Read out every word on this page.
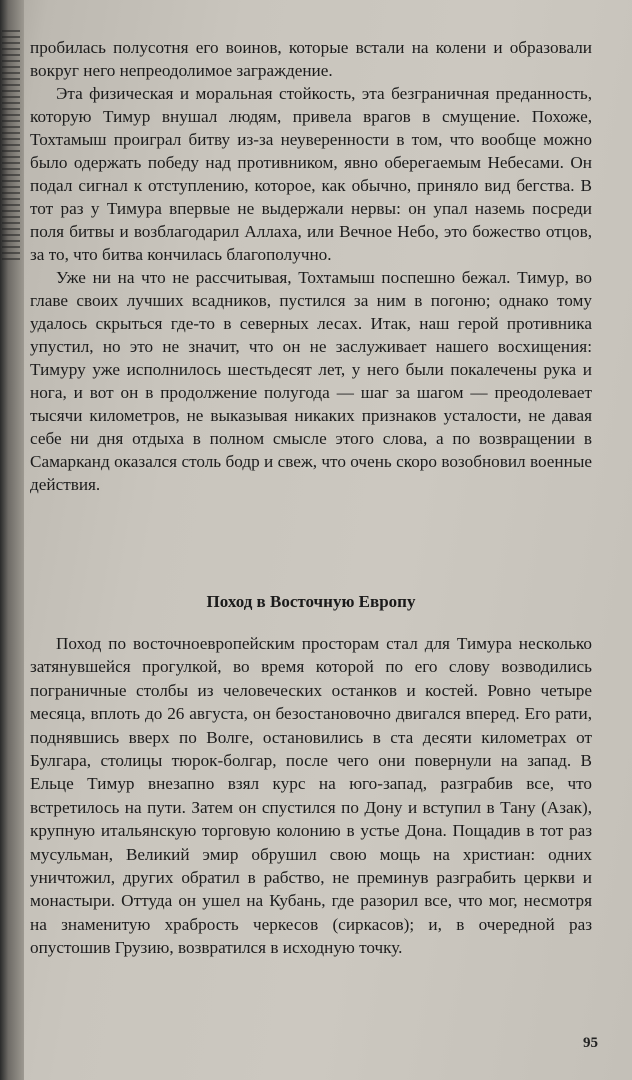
пробилась полусотня его воинов, которые встали на колени и образовали вокруг него непреодолимое заграждение.

Эта физическая и моральная стойкость, эта безграничная преданность, которую Тимур внушал людям, привела врагов в смущение. Похоже, Тохтамыш проиграл битву из-за неуверенности в том, что вообще можно было одержать победу над противником, явно оберегаемым Небесами. Он подал сигнал к отступлению, которое, как обычно, приняло вид бегства. В тот раз у Тимура впервые не выдержали нервы: он упал наземь посреди поля битвы и возблагодарил Аллаха, или Вечное Небо, это божество отцов, за то, что битва кончилась благополучно.

Уже ни на что не рассчитывая, Тохтамыш поспешно бежал. Тимур, во главе своих лучших всадников, пустился за ним в погоню; однако тому удалось скрыться где-то в северных лесах. Итак, наш герой противника упустил, но это не значит, что он не заслуживает нашего восхищения: Тимуру уже исполнилось шестьдесят лет, у него были покалечены рука и нога, и вот он в продолжение полугода — шаг за шагом — преодолевает тысячи километров, не выказывая никаких признаков усталости, не давая себе ни дня отдыха в полном смысле этого слова, а по возвращении в Самарканд оказался столь бодр и свеж, что очень скоро возобновил военные действия.

Поход в Восточную Европу

Поход по восточноевропейским просторам стал для Тимура несколько затянувшейся прогулкой, во время которой по его слову возводились пограничные столбы из человеческих останков и костей. Ровно четыре месяца, вплоть до 26 августа, он безостановочно двигался вперед. Его рати, поднявшись вверх по Волге, остановились в ста десяти километрах от Булгара, столицы тюрок-болгар, после чего они повернули на запад. В Ельце Тимур внезапно взял курс на юго-запад, разграбив все, что встретилось на пути. Затем он спустился по Дону и вступил в Тану (Азак), крупную итальянскую торговую колонию в устье Дона. Пощадив в тот раз мусульман, Великий эмир обрушил свою мощь на христиан: одних уничтожил, других обратил в рабство, не преминув разграбить церкви и монастыри. Оттуда он ушел на Кубань, где разорил все, что мог, несмотря на знаменитую храбрость черкесов (сиркасов); и, в очередной раз опустошив Грузию, возвратился в исходную точку.

95
